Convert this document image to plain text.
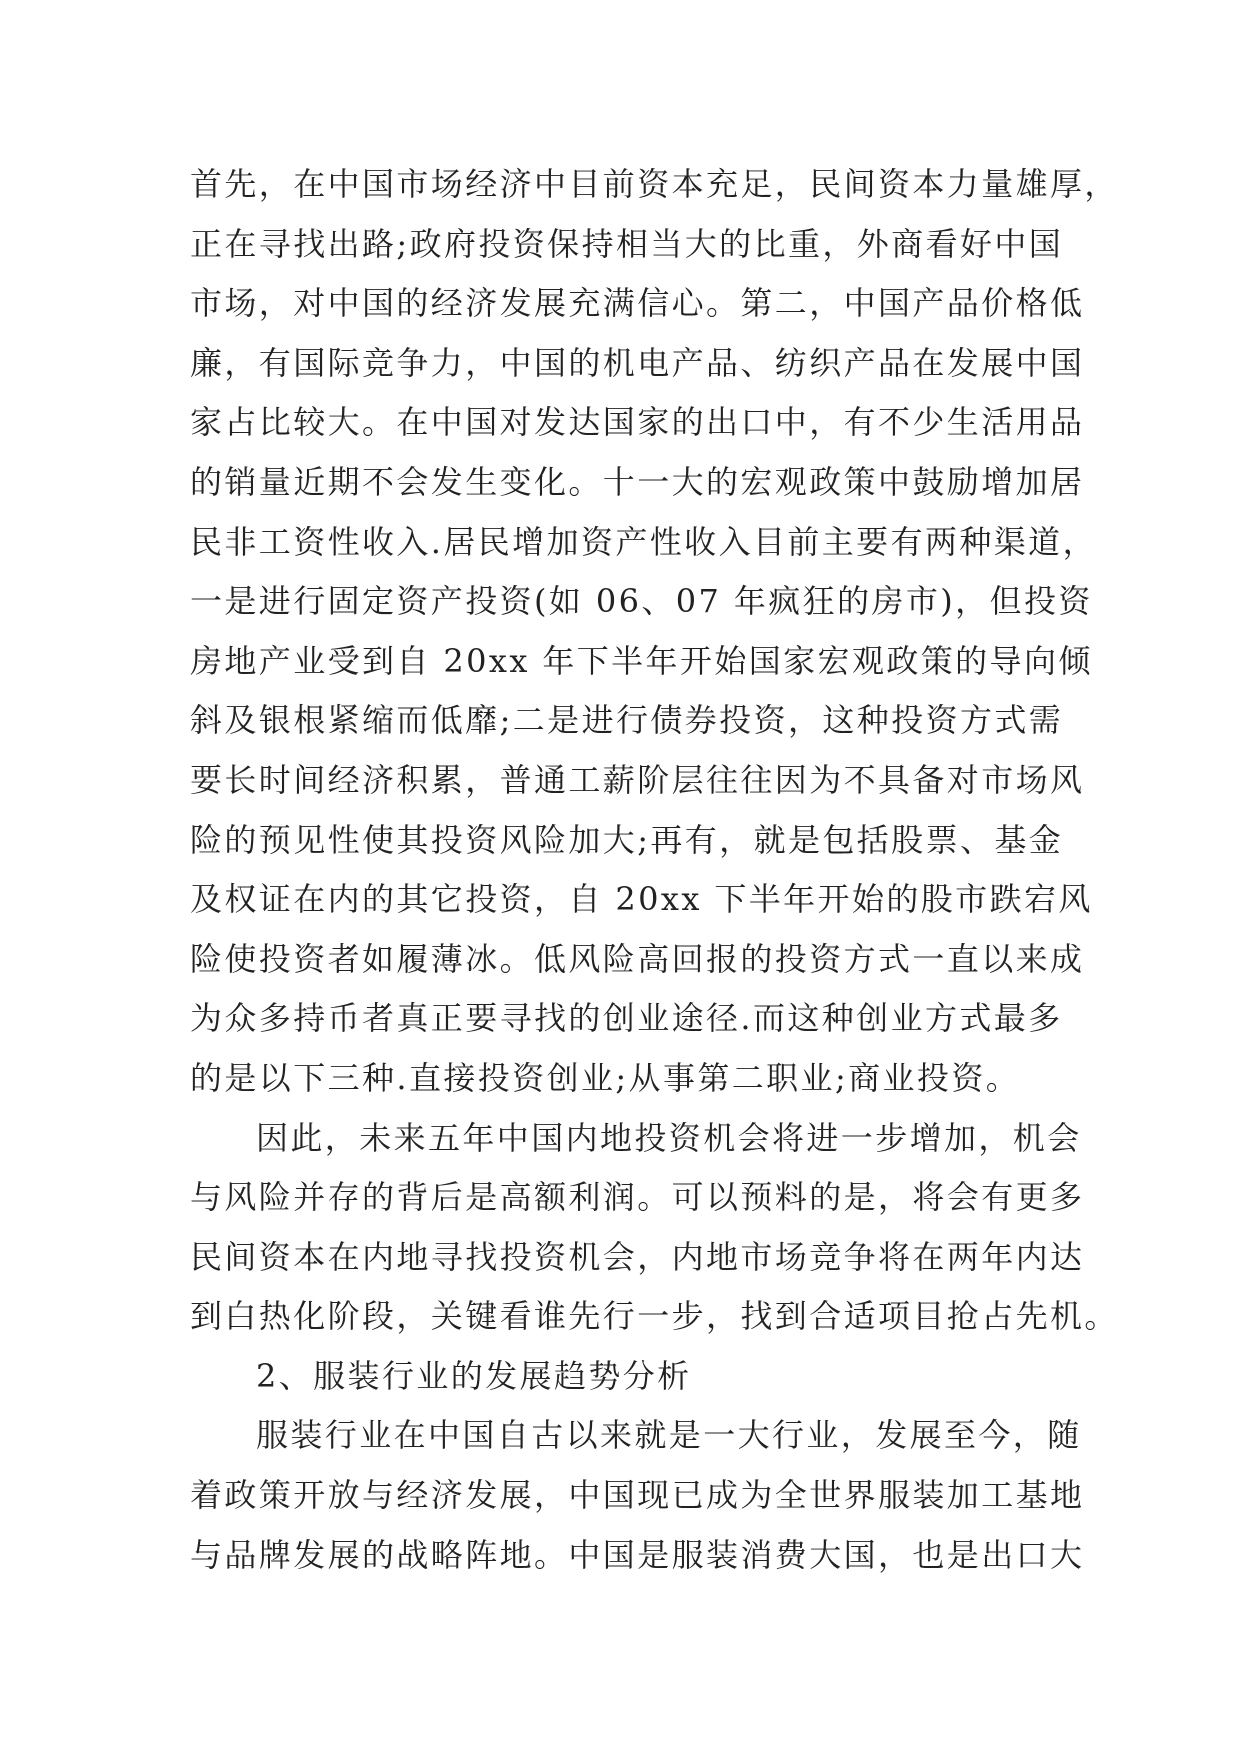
首先，在中国市场经济中目前资本充足，民间资本力量雄厚，
正在寻找出路;政府投资保持相当大的比重，外商看好中国
市场，对中国的经济发展充满信心。第二，中国产品价格低
廉，有国际竞争力，中国的机电产品、纺织产品在发展中国
家占比较大。在中国对发达国家的出口中，有不少生活用品
的销量近期不会发生变化。十一大的宏观政策中鼓励增加居
民非工资性收入.居民增加资产性收入目前主要有两种渠道，
一是进行固定资产投资(如 06、07 年疯狂的房市)，但投资
房地产业受到自 20xx 年下半年开始国家宏观政策的导向倾
斜及银根紧缩而低靡;二是进行债券投资，这种投资方式需
要长时间经济积累，普通工薪阶层往往因为不具备对市场风
险的预见性使其投资风险加大;再有，就是包括股票、基金
及权证在内的其它投资，自 20xx 下半年开始的股市跌宕风
险使投资者如履薄冰。低风险高回报的投资方式一直以来成
为众多持币者真正要寻找的创业途径.而这种创业方式最多
的是以下三种.直接投资创业;从事第二职业;商业投资。
因此，未来五年中国内地投资机会将进一步增加，机会
与风险并存的背后是高额利润。可以预料的是，将会有更多
民间资本在内地寻找投资机会，内地市场竞争将在两年内达
到白热化阶段，关键看谁先行一步，找到合适项目抢占先机。
2、服装行业的发展趋势分析
服装行业在中国自古以来就是一大行业，发展至今，随
着政策开放与经济发展，中国现已成为全世界服装加工基地
与品牌发展的战略阵地。中国是服装消费大国，也是出口大
